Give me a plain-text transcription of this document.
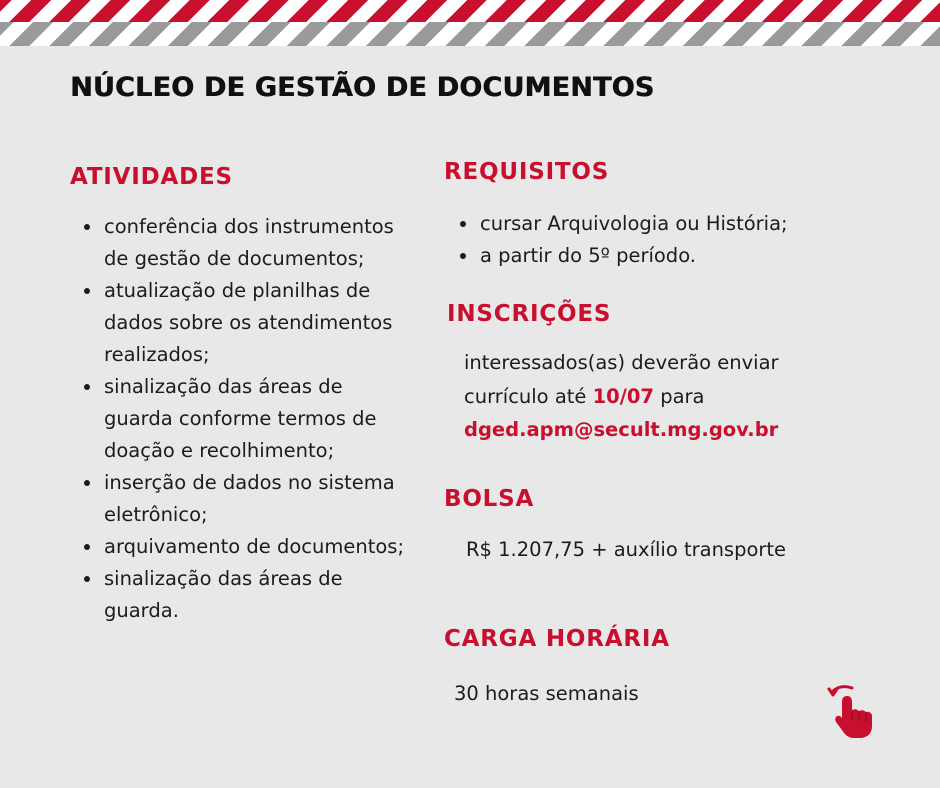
NÚCLEO DE GESTÃO DE DOCUMENTOS
ATIVIDADES
conferência dos instrumentos de gestão de documentos;
atualização de planilhas de dados sobre os atendimentos realizados;
sinalização das áreas de guarda conforme termos de doação e recolhimento;
inserção de dados no sistema eletrônico;
arquivamento de documentos;
sinalização das áreas de guarda.
REQUISITOS
cursar Arquivologia ou História;
a partir do 5º período.
INSCRIÇÕES

interessados(as) deverão enviar

currículo até 10/07 para

dged.apm@secult.mg.gov.br

BOLSA

R$ 1.207,75 + auxílio transporte

CARGA HORÁRIA

30 horas semanais
